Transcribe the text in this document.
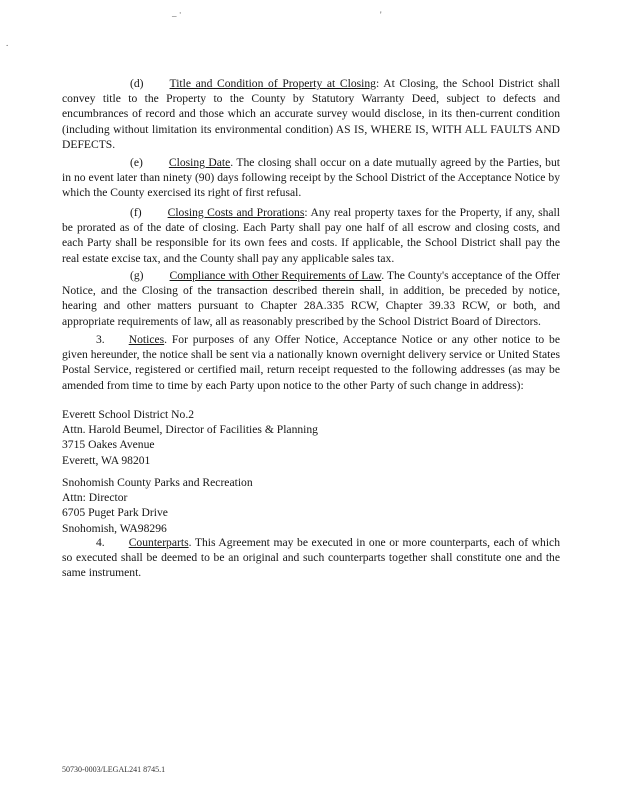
_ ·	'
.

(d) Title and Condition of Property at Closing: At Closing, the School District shall convey title to the Property to the County by Statutory Warranty Deed, subject to defects and encumbrances of record and those which an accurate survey would disclose, in its then-current condition (including without limitation its environmental condition) AS IS, WHERE IS, WITH ALL FAULTS AND DEFECTS.

(e) Closing Date. The closing shall occur on a date mutually agreed by the Parties, but in no event later than ninety (90) days following receipt by the School District of the Acceptance Notice by which the County exercised its right of first refusal.

(f) Closing Costs and Prorations: Any real property taxes for the Property, if any, shall be prorated as of the date of closing. Each Party shall pay one half of all escrow and closing costs, and each Party shall be responsible for its own fees and costs. If applicable, the School District shall pay the real estate excise tax, and the County shall pay any applicable sales tax.

(g) Compliance with Other Requirements of Law. The County's acceptance of the Offer Notice, and the Closing of the transaction described therein shall, in addition, be preceded by notice, hearing and other matters pursuant to Chapter 28A.335 RCW, Chapter 39.33 RCW, or both, and appropriate requirements of law, all as reasonably prescribed by the School District Board of Directors.

3. Notices. For purposes of any Offer Notice, Acceptance Notice or any other notice to be given hereunder, the notice shall be sent via a nationally known overnight delivery service or United States Postal Service, registered or certified mail, return receipt requested to the following addresses (as may be amended from time to time by each Party upon notice to the other Party of such change in address):

Everett School District No.2
Attn. Harold Beumel, Director of Facilities & Planning
3715 Oakes Avenue
Everett, WA 98201
Snohomish County Parks and Recreation
Attn: Director
6705 Puget Park Drive
Snohomish, WA98296

4. Counterparts. This Agreement may be executed in one or more counterparts, each of which so executed shall be deemed to be an original and such counterparts together shall constitute one and the same instrument.

50730-0003/LEGAL241 8745.1
